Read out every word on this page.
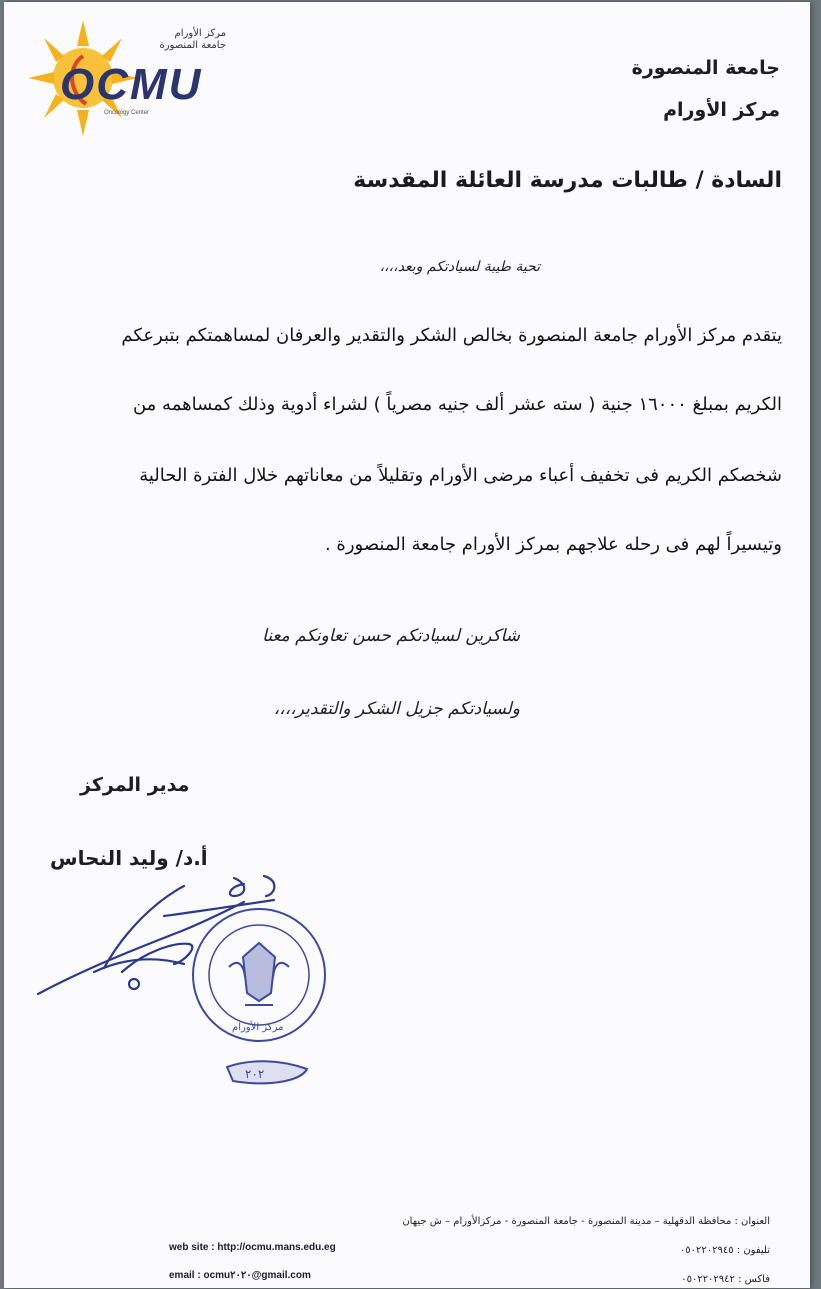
مركز الأورام
جامعة المنصورة
OCMU
Oncology Center
جامعة المنصورة
مركز الأورام
السادة / طالبات مدرسة العائلة المقدسة
تحية طيبة لسيادتكم وبعد،،،،
يتقدم مركز الأورام جامعة المنصورة بخالص الشكر والتقدير والعرفان لمساهمتكم بتبرعكم
الكريم بمبلغ ١٦٠٠٠ جنية ( سته عشر ألف جنيه مصرياً ) لشراء أدوية وذلك كمساهمه من
شخصكم الكريم فى تخفيف أعباء مرضى الأورام وتقليلاً من معاناتهم خلال الفترة الحالية
وتيسيراً لهم فى رحله علاجهم بمركز الأورام جامعة المنصورة .
شاكرين لسيادتكم حسن تعاونكم معنا
ولسيادتكم جزيل الشكر والتقدير،،،،
مدير المركز
أ.د/ وليد النحاس
٢٠٢
مركز الأورام
العنوان : محافظة الدقهلية – مدينة المنصورة - جامعة المنصورة - مركزالأورام – ش جيهان
تليفون : ٠٥٠٢٢٠٢٩٤٥
فاكس : ٠٥٠٢٢٠٢٩٤٢
web site : http://ocmu.mans.edu.eg
email : ocmu٢٠٢٠@gmail.com
